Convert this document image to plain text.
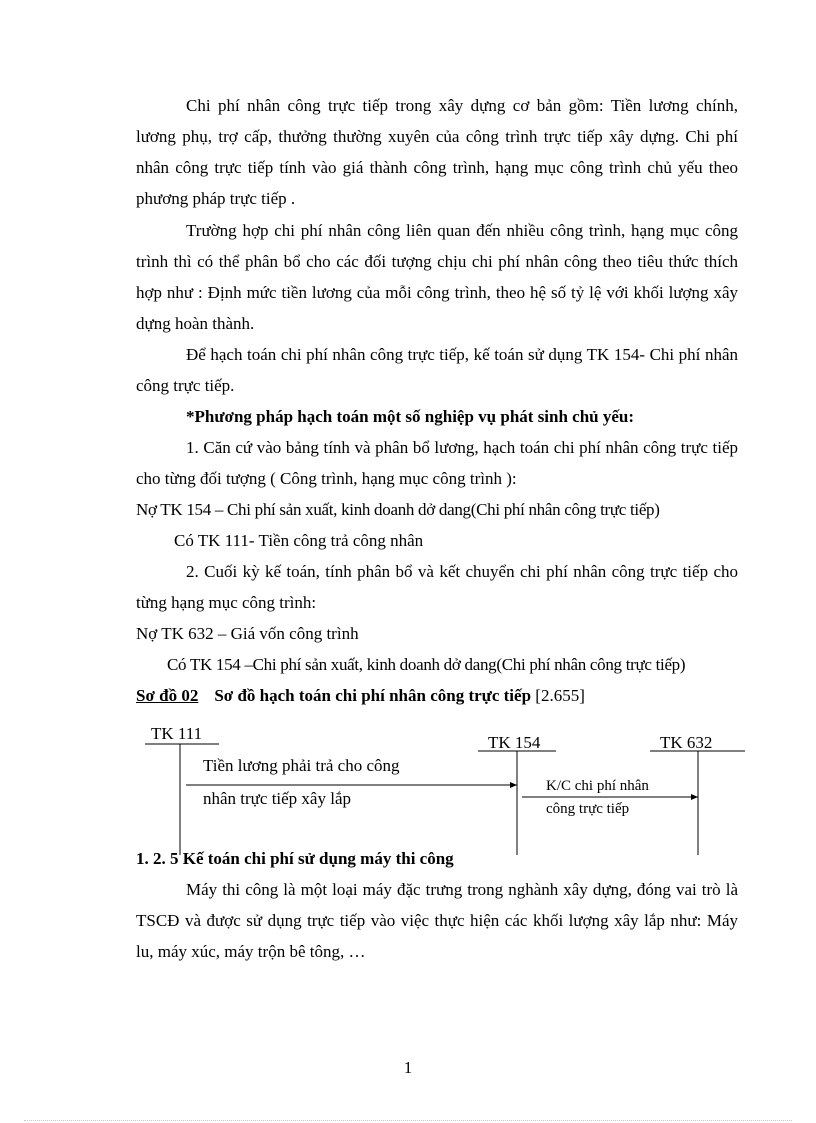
Chi phí nhân công trực tiếp trong xây dựng cơ bản gồm: Tiền lương chính, lương phụ, trợ cấp, thưởng thường xuyên của công trình trực tiếp xây dựng. Chi phí nhân công trực tiếp tính vào giá thành công trình, hạng mục công trình chủ yếu theo phương pháp trực tiếp .

Trường hợp chi phí nhân công liên quan đến nhiều công trình, hạng mục công trình thì có thể phân bổ cho các đối tượng chịu chi phí nhân công theo tiêu thức thích hợp như : Định mức tiền lương của mỗi công trình, theo hệ số tỷ lệ với khối lượng xây dựng hoàn thành.

Để hạch toán chi phí nhân công trực tiếp, kế toán sử dụng TK 154- Chi phí nhân công trực tiếp.

*Phương pháp hạch toán một số nghiệp vụ phát sinh chủ yếu:

1. Căn cứ vào bảng tính và phân bổ lương, hạch toán chi phí nhân công trực tiếp cho từng đối tượng ( Công trình, hạng mục công trình ):

Nợ TK 154 – Chi phí sản xuất, kinh doanh dở dang(Chi phí nhân công trực tiếp)

Có TK 111- Tiền công trả công nhân

2. Cuối kỳ kế toán, tính phân bổ và kết chuyển chi phí nhân công trực tiếp cho từng hạng mục công trình:

Nợ TK 632 – Giá vốn công trình

Có TK 154 –Chi phí sản xuất, kinh doanh dở dang(Chi phí nhân công trực tiếp)

Sơ đồ 02 Sơ đồ hạch toán chi phí nhân công trực tiếp [2.655]

TK 111	TK 154	TK 632
Tiền lương phải trả cho công
nhân trực tiếp xây lắp
K/C chi phí nhân
công trực tiếp

1. 2. 5 Kế toán chi phí sử dụng máy thi công

Máy thi công là một loại máy đặc trưng trong nghành xây dựng, đóng vai trò là TSCĐ và được sử dụng trực tiếp vào việc thực hiện các khối lượng xây lắp như: Máy lu, máy xúc, máy trộn bê tông, …

1
